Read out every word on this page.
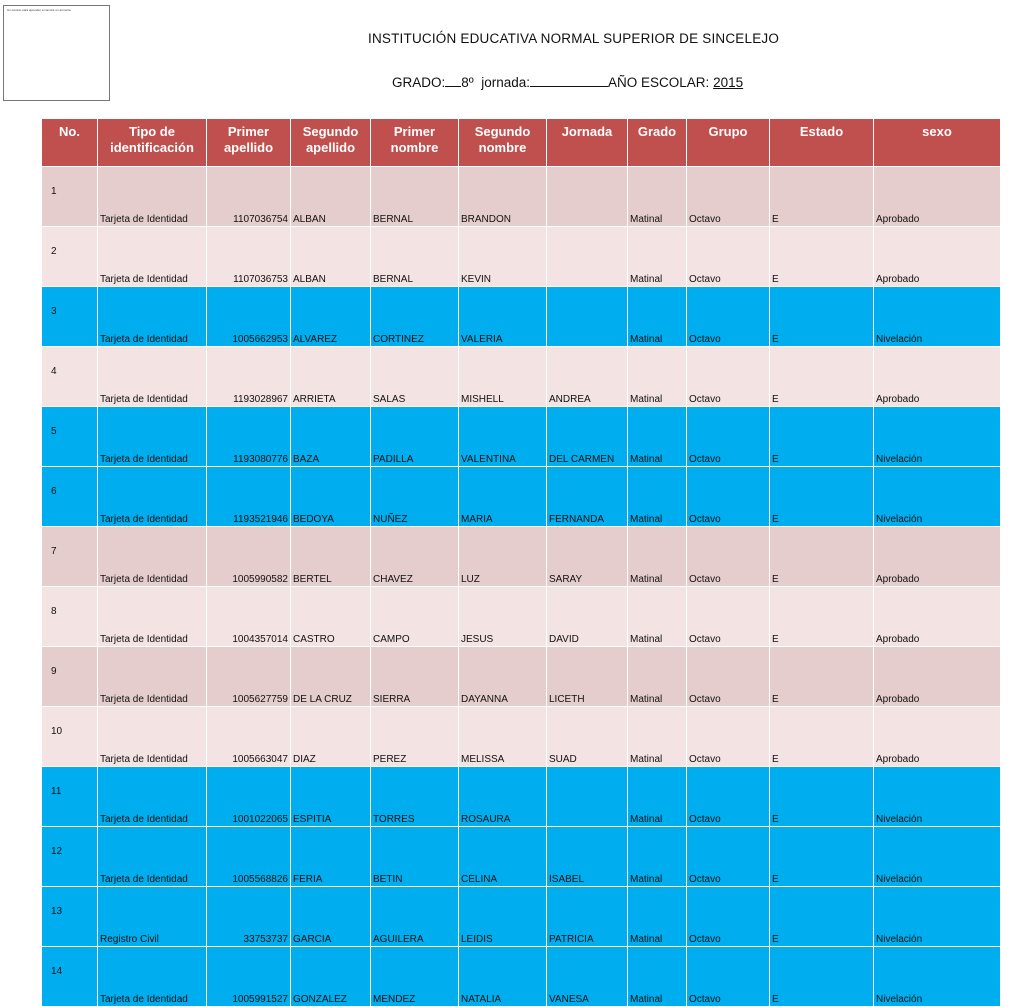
Un camino para aprender a convivir en armonía
INSTITUCIÓN EDUCATIVA NORMAL SUPERIOR DE SINCELEJO
GRADO: 8º jornada:	AÑO ESCOLAR: 2015
No.	Tipo de identificación	Primer apellido	Segundo apellido	Primer nombre	Segundo nombre	Jornada	Grado	Grupo	Estado	sexo
1	Tarjeta de Identidad	1107036754	ALBAN	BERNAL	BRANDON		Matinal	Octavo	E	Aprobado
2	Tarjeta de Identidad	1107036753	ALBAN	BERNAL	KEVIN		Matinal	Octavo	E	Aprobado
3	Tarjeta de Identidad	1005662953	ALVAREZ	CORTINEZ	VALERIA		Matinal	Octavo	E	Nivelación
4	Tarjeta de Identidad	1193028967	ARRIETA	SALAS	MISHELL	ANDREA	Matinal	Octavo	E	Aprobado
5	Tarjeta de Identidad	1193080776	BAZA	PADILLA	VALENTINA	DEL CARMEN	Matinal	Octavo	E	Nivelación
6	Tarjeta de Identidad	1193521946	BEDOYA	NUÑEZ	MARIA	FERNANDA	Matinal	Octavo	E	Nivelación
7	Tarjeta de Identidad	1005990582	BERTEL	CHAVEZ	LUZ	SARAY	Matinal	Octavo	E	Aprobado
8	Tarjeta de Identidad	1004357014	CASTRO	CAMPO	JESUS	DAVID	Matinal	Octavo	E	Aprobado
9	Tarjeta de Identidad	1005627759	DE LA CRUZ	SIERRA	DAYANNA	LICETH	Matinal	Octavo	E	Aprobado
10	Tarjeta de Identidad	1005663047	DIAZ	PEREZ	MELISSA	SUAD	Matinal	Octavo	E	Aprobado
11	Tarjeta de Identidad	1001022065	ESPITIA	TORRES	ROSAURA		Matinal	Octavo	E	Nivelación
12	Tarjeta de Identidad	1005568826	FERIA	BETIN	CELINA	ISABEL	Matinal	Octavo	E	Nivelación
13	Registro Civil	33753737	GARCIA	AGUILERA	LEIDIS	PATRICIA	Matinal	Octavo	E	Nivelación
14	Tarjeta de Identidad	1005991527	GONZALEZ	MENDEZ	NATALIA	VANESA	Matinal	Octavo	E	Nivelación
